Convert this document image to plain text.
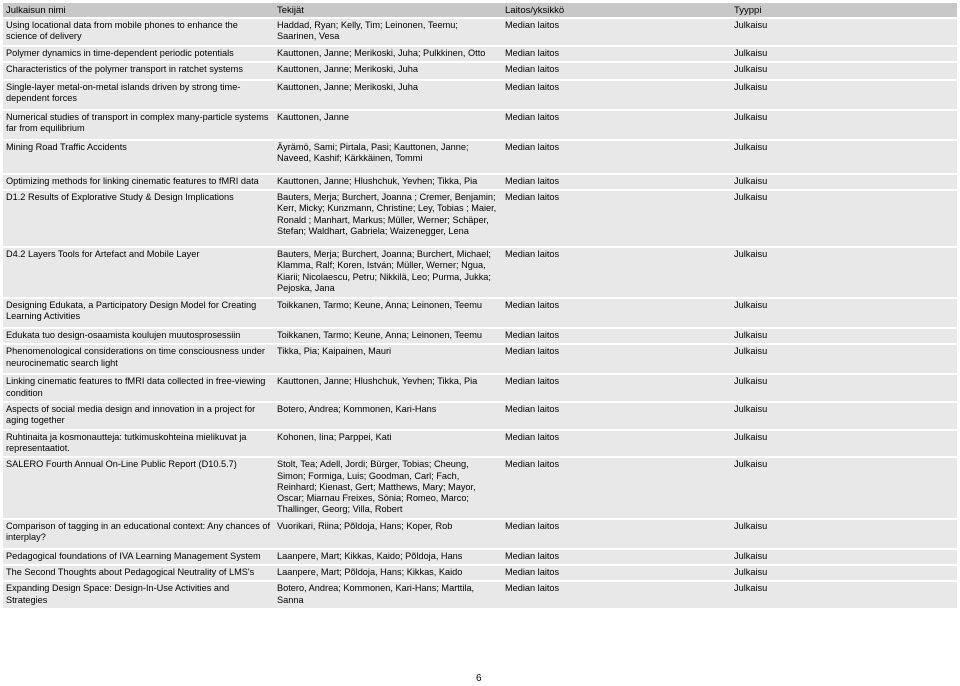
Julkaisun nimi	Tekijät	Laitos/yksikkö	Tyyppi
Using locational data from mobile phones to enhance the science of delivery	Haddad, Ryan; Kelly, Tim; Leinonen, Teemu; Saarinen, Vesa	Median laitos	Julkaisu
Polymer dynamics in time-dependent periodic potentials	Kauttonen, Janne; Merikoski, Juha; Pulkkinen, Otto	Median laitos	Julkaisu
Characteristics of the polymer transport in ratchet systems	Kauttonen, Janne; Merikoski, Juha	Median laitos	Julkaisu
Single-layer metal-on-metal islands driven by strong time-dependent forces	Kauttonen, Janne; Merikoski, Juha	Median laitos	Julkaisu
Numerical studies of transport in complex many-particle systems far from equilibrium	Kauttonen, Janne	Median laitos	Julkaisu
Mining Road Traffic Accidents	Äyrämö, Sami; Pirtala, Pasi; Kauttonen, Janne; Naveed, Kashif; Kärkkäinen, Tommi	Median laitos	Julkaisu
Optimizing methods for linking cinematic features to fMRI data	Kauttonen, Janne; Hlushchuk, Yevhen; Tikka, Pia	Median laitos	Julkaisu
D1.2 Results of Explorative Study & Design Implications	Bauters, Merja; Burchert, Joanna ; Cremer, Benjamin; Kerr, Micky; Kunzmann, Christine; Ley, Tobias ; Maier, Ronald ; Manhart, Markus; Müller, Werner; Schäper, Stefan; Waldhart, Gabriela; Waizenegger, Lena	Median laitos	Julkaisu
D4.2 Layers Tools for Artefact and Mobile Layer	Bauters, Merja; Burchert, Joanna; Burchert, Michael; Klamma, Ralf; Koren, István; Müller, Werner; Ngua, Kiarii; Nicolaescu, Petru; Nikkilä, Leo; Purma, Jukka; Pejoska, Jana	Median laitos	Julkaisu
Designing Edukata, a Participatory Design Model for Creating Learning Activities	Toikkanen, Tarmo; Keune, Anna; Leinonen, Teemu	Median laitos	Julkaisu
Edukata tuo design-osaamista koulujen muutosprosessiin	Toikkanen, Tarmo; Keune, Anna; Leinonen, Teemu	Median laitos	Julkaisu
Phenomenological considerations on time consciousness under neurocinematic search light	Tikka, Pia; Kaipainen, Mauri	Median laitos	Julkaisu
Linking cinematic features to fMRI data collected in free-viewing condition	Kauttonen, Janne; Hlushchuk, Yevhen; Tikka, Pia	Median laitos	Julkaisu
Aspects of social media design and innovation in a project for aging together	Botero, Andrea; Kommonen, Kari-Hans	Median laitos	Julkaisu
Ruhtinaita ja kosmonautteja: tutkimuskohteina mielikuvat ja representaatiot.	Kohonen, Iina; Parppei, Kati	Median laitos	Julkaisu
SALERO Fourth Annual On-Line Public Report (D10.5.7)	Stolt, Tea; Adell, Jordi; Bürger, Tobias; Cheung, Simon; Formiga, Luis; Goodman, Carl; Fach, Reinhard; Kienast, Gert; Matthews, Mary; Mayor, Oscar; Miarnau Freixes, Sònia; Romeo, Marco; Thallinger, Georg; Villa, Robert	Median laitos	Julkaisu
Comparison of tagging in an educational context: Any chances of interplay?	Vuorikari, Riina; Põldoja, Hans; Koper, Rob	Median laitos	Julkaisu
Pedagogical foundations of IVA Learning Management System	Laanpere, Mart; Kikkas, Kaido; Põldoja, Hans	Median laitos	Julkaisu
The Second Thoughts about Pedagogical Neutrality of LMS's	Laanpere, Mart; Põldoja, Hans; Kikkas, Kaido	Median laitos	Julkaisu
Expanding Design Space: Design-In-Use Activities and Strategies	Botero, Andrea; Kommonen, Kari-Hans; Marttila, Sanna	Median laitos	Julkaisu
6
